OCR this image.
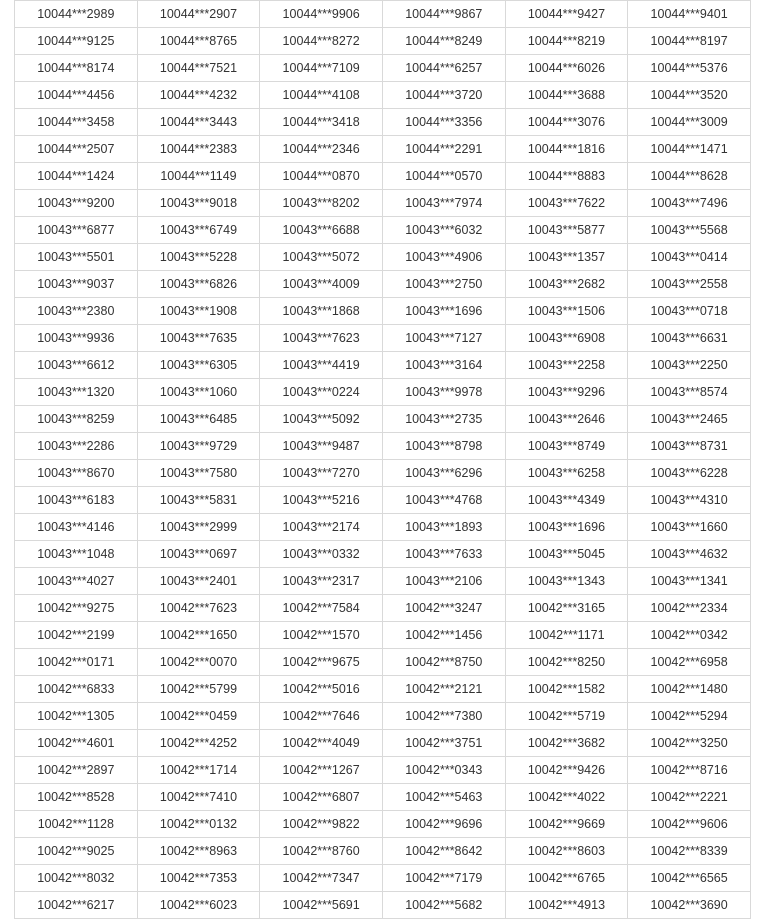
10044***2989	10044***2907	10044***9906	10044***9867	10044***9427	10044***9401
10044***9125	10044***8765	10044***8272	10044***8249	10044***8219	10044***8197
10044***8174	10044***7521	10044***7109	10044***6257	10044***6026	10044***5376
10044***4456	10044***4232	10044***4108	10044***3720	10044***3688	10044***3520
10044***3458	10044***3443	10044***3418	10044***3356	10044***3076	10044***3009
10044***2507	10044***2383	10044***2346	10044***2291	10044***1816	10044***1471
10044***1424	10044***1149	10044***0870	10044***0570	10044***8883	10044***8628
10043***9200	10043***9018	10043***8202	10043***7974	10043***7622	10043***7496
10043***6877	10043***6749	10043***6688	10043***6032	10043***5877	10043***5568
10043***5501	10043***5228	10043***5072	10043***4906	10043***1357	10043***0414
10043***9037	10043***6826	10043***4009	10043***2750	10043***2682	10043***2558
10043***2380	10043***1908	10043***1868	10043***1696	10043***1506	10043***0718
10043***9936	10043***7635	10043***7623	10043***7127	10043***6908	10043***6631
10043***6612	10043***6305	10043***4419	10043***3164	10043***2258	10043***2250
10043***1320	10043***1060	10043***0224	10043***9978	10043***9296	10043***8574
10043***8259	10043***6485	10043***5092	10043***2735	10043***2646	10043***2465
10043***2286	10043***9729	10043***9487	10043***8798	10043***8749	10043***8731
10043***8670	10043***7580	10043***7270	10043***6296	10043***6258	10043***6228
10043***6183	10043***5831	10043***5216	10043***4768	10043***4349	10043***4310
10043***4146	10043***2999	10043***2174	10043***1893	10043***1696	10043***1660
10043***1048	10043***0697	10043***0332	10043***7633	10043***5045	10043***4632
10043***4027	10043***2401	10043***2317	10043***2106	10043***1343	10043***1341
10042***9275	10042***7623	10042***7584	10042***3247	10042***3165	10042***2334
10042***2199	10042***1650	10042***1570	10042***1456	10042***1171	10042***0342
10042***0171	10042***0070	10042***9675	10042***8750	10042***8250	10042***6958
10042***6833	10042***5799	10042***5016	10042***2121	10042***1582	10042***1480
10042***1305	10042***0459	10042***7646	10042***7380	10042***5719	10042***5294
10042***4601	10042***4252	10042***4049	10042***3751	10042***3682	10042***3250
10042***2897	10042***1714	10042***1267	10042***0343	10042***9426	10042***8716
10042***8528	10042***7410	10042***6807	10042***5463	10042***4022	10042***2221
10042***1128	10042***0132	10042***9822	10042***9696	10042***9669	10042***9606
10042***9025	10042***8963	10042***8760	10042***8642	10042***8603	10042***8339
10042***8032	10042***7353	10042***7347	10042***7179	10042***6765	10042***6565
10042***6217	10042***6023	10042***5691	10042***5682	10042***4913	10042***3690
